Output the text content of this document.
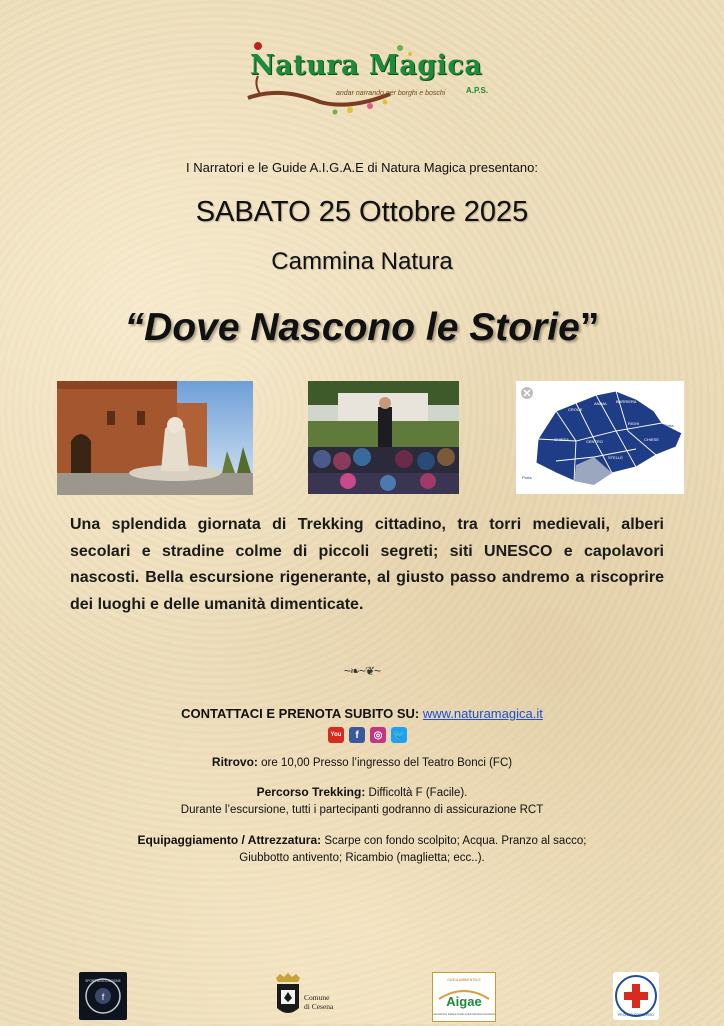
Natura Magica
andar narrando per borghi e boschi	A.P.S.
I Narratori e le Guide A.I.G.A.E di Natura Magica presentano:
SABATO 25 Ottobre 2025
Cammina Natura
“Dove Nascono le Storie”
Porta
Porta
CROCE
ANIMA BARRIERA
CHIESA	CENTRO
RIGHI
CHIESE
STELLE
Una splendida giornata di Trekking cittadino, tra torri medievali, alberi secolari e stradine colme di piccoli segreti; siti UNESCO e capolavori nascosti. Bella escursione rigenerante, al giusto passo andremo a riscoprire dei luoghi e delle umanità dimenticate.
~❧~❦~
CONTATTACI E PRENOTA SUBITO SU: www.naturamagica.it
You	f	◎	🐦
Ritrovo: ore 10,00 Presso l’ingresso del Teatro Bonci (FC)
Percorso Trekking: Difficoltà F (Facile).
Durante l’escursione, tutti i partecipanti godranno di assicurazione RCT
Equipaggiamento / Attrezzatura: Scarpe con fondo scolpito; Acqua. Pranzo al sacco;
Giubbotto antivento; Ricambio (maglietta; ecc..).
f
SPORT ASSOCIAZIONE
Comune
di Cesena
GUIDA AMBIENTALE
Aigae
Associazione Italiana Guide Ambientali Escursionistiche	PRONTO SOCCORSO
